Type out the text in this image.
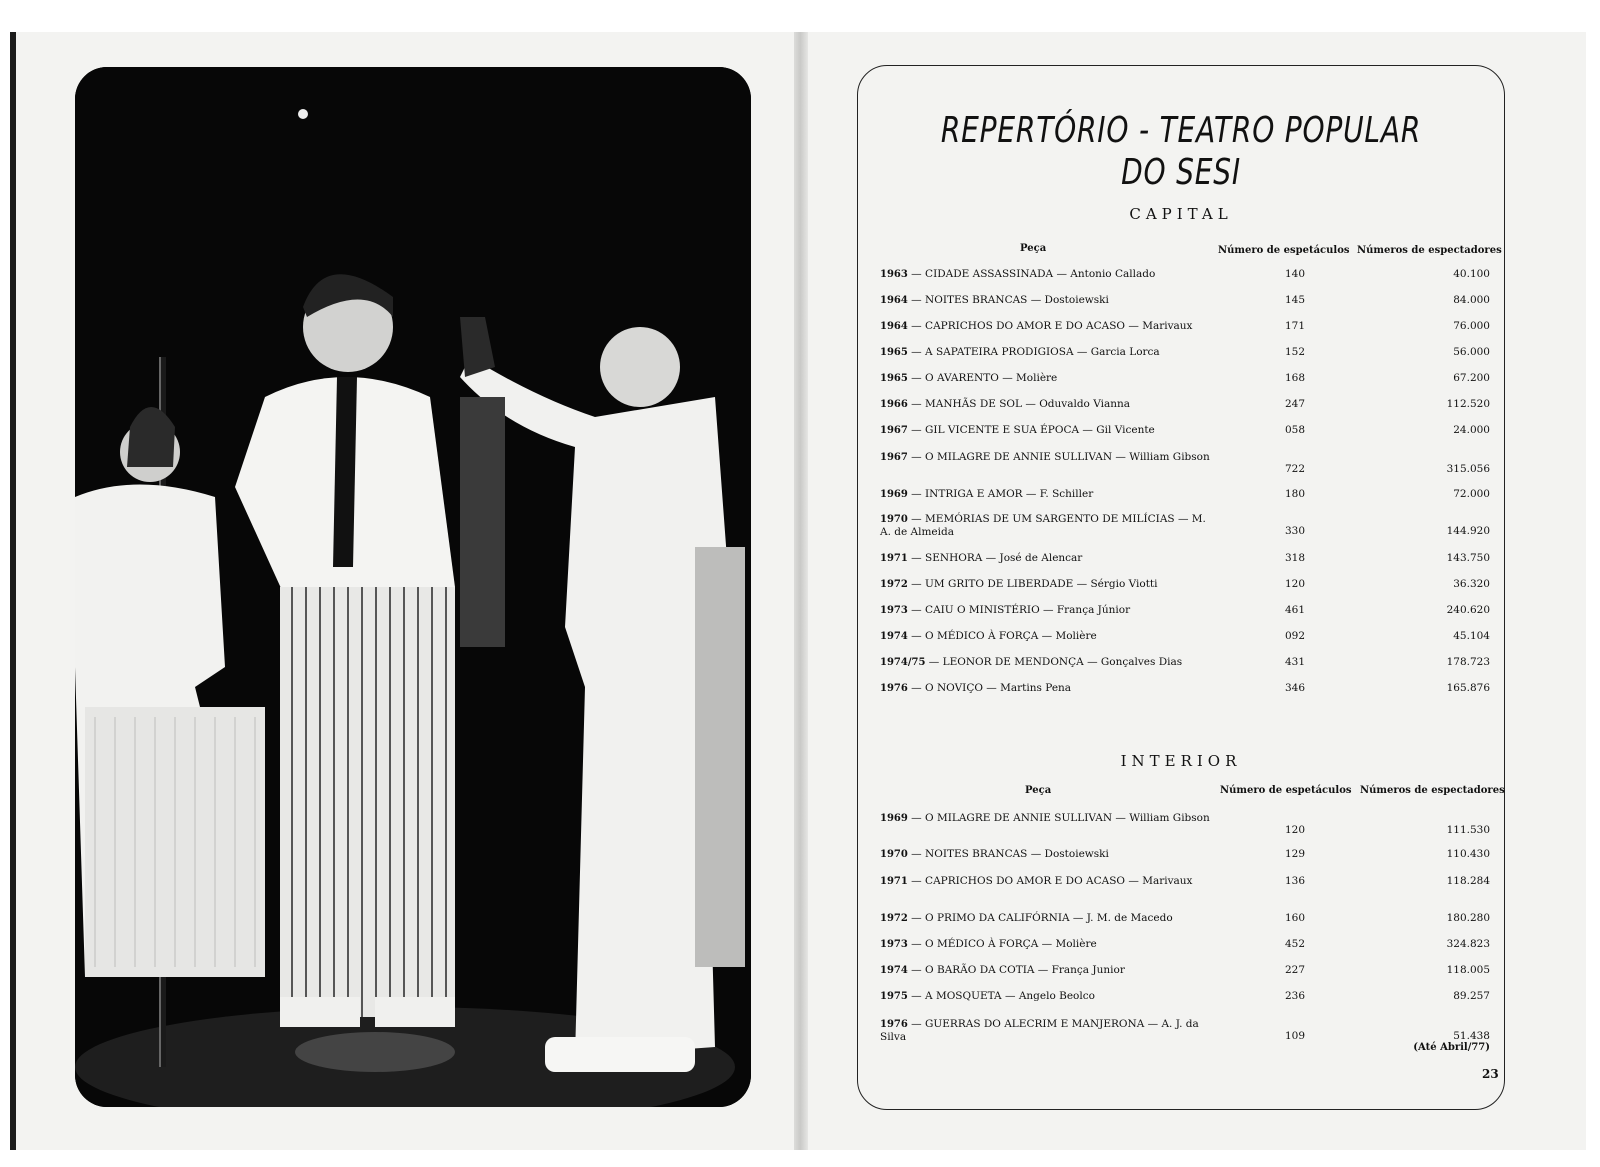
REPERTÓRIO - TEATRO POPULAR
DO SESI
CAPITAL
Peça	Número de espetáculos Números de espectadores
1963 — CIDADE ASSASSINADA — Antonio Callado	140	40.100
1964 — NOITES BRANCAS — Dostoiewski	145	84.000
1964 — CAPRICHOS DO AMOR E DO ACASO — Marivaux	171	76.000
1965 — A SAPATEIRA PRODIGIOSA — Garcia Lorca	152	56.000
1965 — O AVARENTO — Molière	168	67.200
1966 — MANHÃS DE SOL — Oduvaldo Vianna	247	112.520
1967 — GIL VICENTE E SUA ÉPOCA — Gil Vicente	058	24.000
1967 — O MILAGRE DE ANNIE SULLIVAN — William Gibson
722	315.056
1969 — INTRIGA E AMOR — F. Schiller	180	72.000
1970 — MEMÓRIAS DE UM SARGENTO DE MILÍCIAS — M. A. de Almeida	330	144.920
1971 — SENHORA — José de Alencar	318	143.750
1972 — UM GRITO DE LIBERDADE — Sérgio Viotti	120	36.320
1973 — CAIU O MINISTÉRIO — França Júnior	461	240.620
1974 — O MÉDICO À FORÇA — Molière	092	45.104
1974/75 — LEONOR DE MENDONÇA — Gonçalves Dias	431	178.723
1976 — O NOVIÇO — Martins Pena	346	165.876
INTERIOR
Peça	Número de espetáculos Números de espectadores
1969 — O MILAGRE DE ANNIE SULLIVAN — William Gibson
120	111.530
1970 — NOITES BRANCAS — Dostoiewski	129	110.430
1971 — CAPRICHOS DO AMOR E DO ACASO — Marivaux	136	118.284
1972 — O PRIMO DA CALIFÓRNIA — J. M. de Macedo	160	180.280
1973 — O MÉDICO À FORÇA — Molière	452	324.823
1974 — O BARÃO DA COTIA — França Junior	227	118.005
1975 — A MOSQUETA — Angelo Beolco	236	89.257
1976 — GUERRAS DO ALECRIM E MANJERONA — A. J. da Silva	109	51.438
(Até Abril/77)
23
